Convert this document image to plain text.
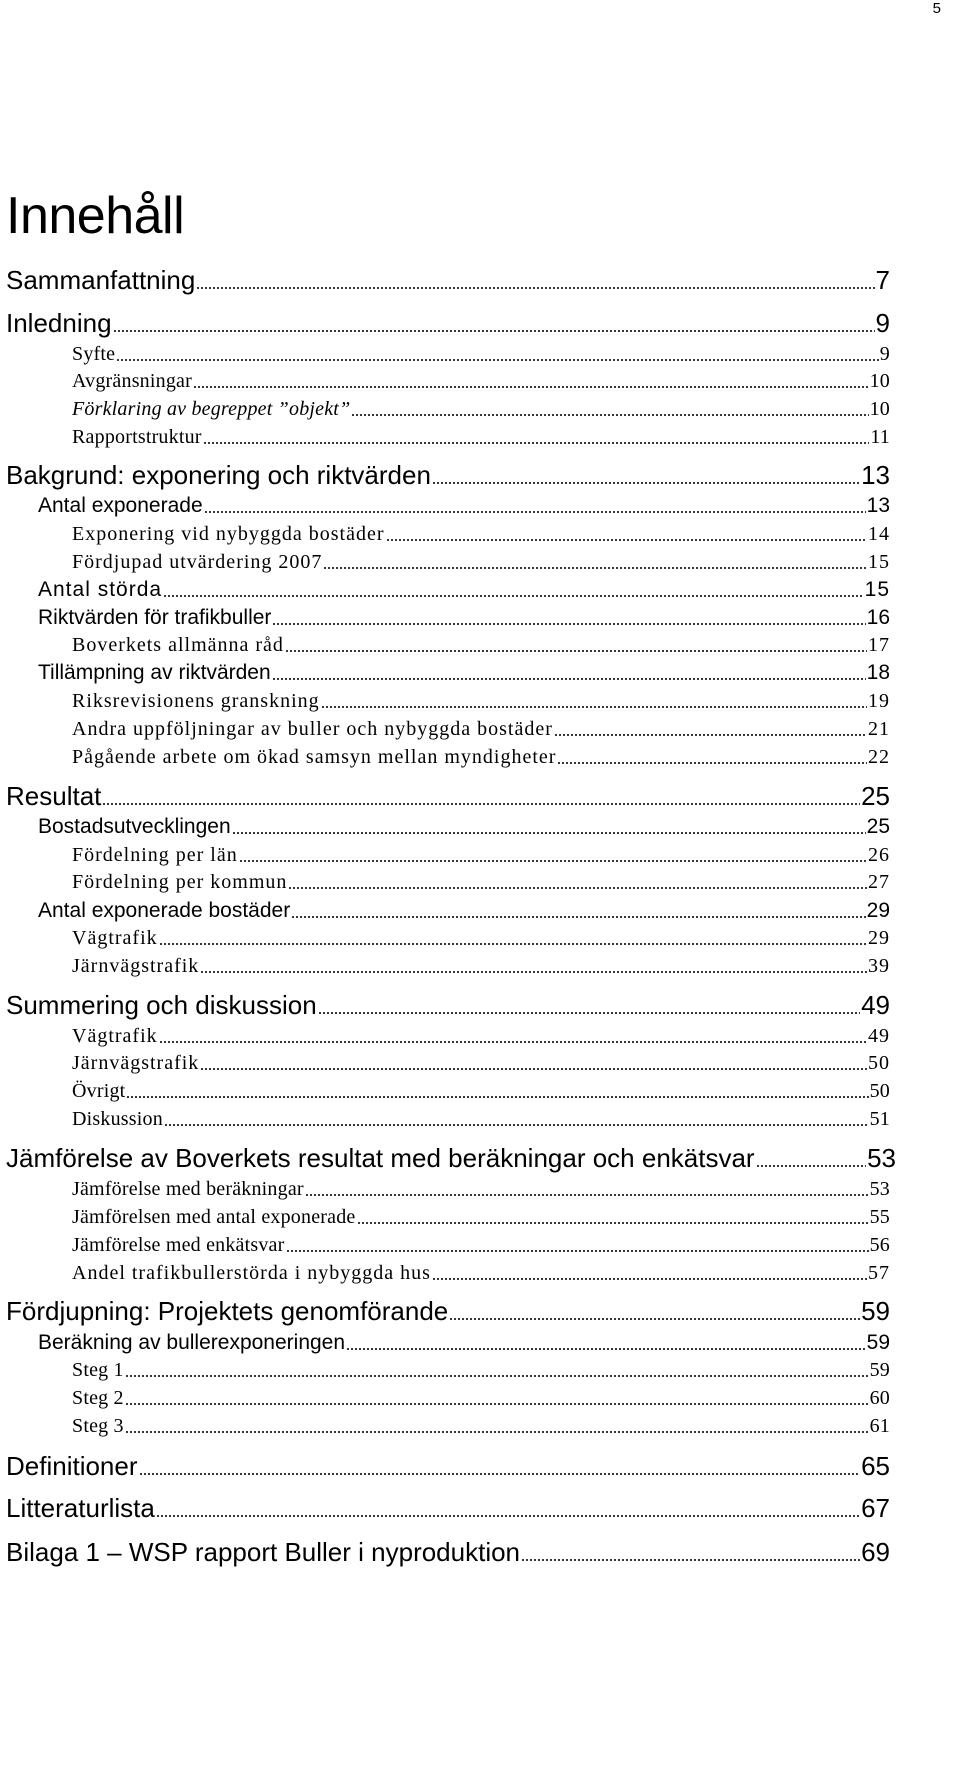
5
Innehåll
Sammanfattning	7
Inledning	9
Syfte	9
Avgränsningar	10
Förklaring av begreppet ”objekt”	10
Rapportstruktur	11
Bakgrund: exponering och riktvärden	13
Antal exponerade	13
Exponering vid nybyggda bostäder	14
Fördjupad utvärdering 2007	15
Antal störda	15
Riktvärden för trafikbuller	16
Boverkets allmänna råd	17
Tillämpning av riktvärden	18
Riksrevisionens granskning	19
Andra uppföljningar av buller och nybyggda bostäder	21
Pågående arbete om ökad samsyn mellan myndigheter	22
Resultat	25
Bostadsutvecklingen	25
Fördelning per län	26
Fördelning per kommun	27
Antal exponerade bostäder	29
Vägtrafik	29
Järnvägstrafik	39
Summering och diskussion	49
Vägtrafik	49
Järnvägstrafik	50
Övrigt	50
Diskussion	51
Jämförelse av Boverkets resultat med beräkningar och enkätsvar	53
Jämförelse med beräkningar	53
Jämförelsen med antal exponerade	55
Jämförelse med enkätsvar	56
Andel trafikbullerstörda i nybyggda hus	57
Fördjupning: Projektets genomförande	59
Beräkning av bullerexponeringen	59
Steg 1	59
Steg 2	60
Steg 3	61
Definitioner	65
Litteraturlista	67
Bilaga 1 – WSP rapport Buller i nyproduktion	69
